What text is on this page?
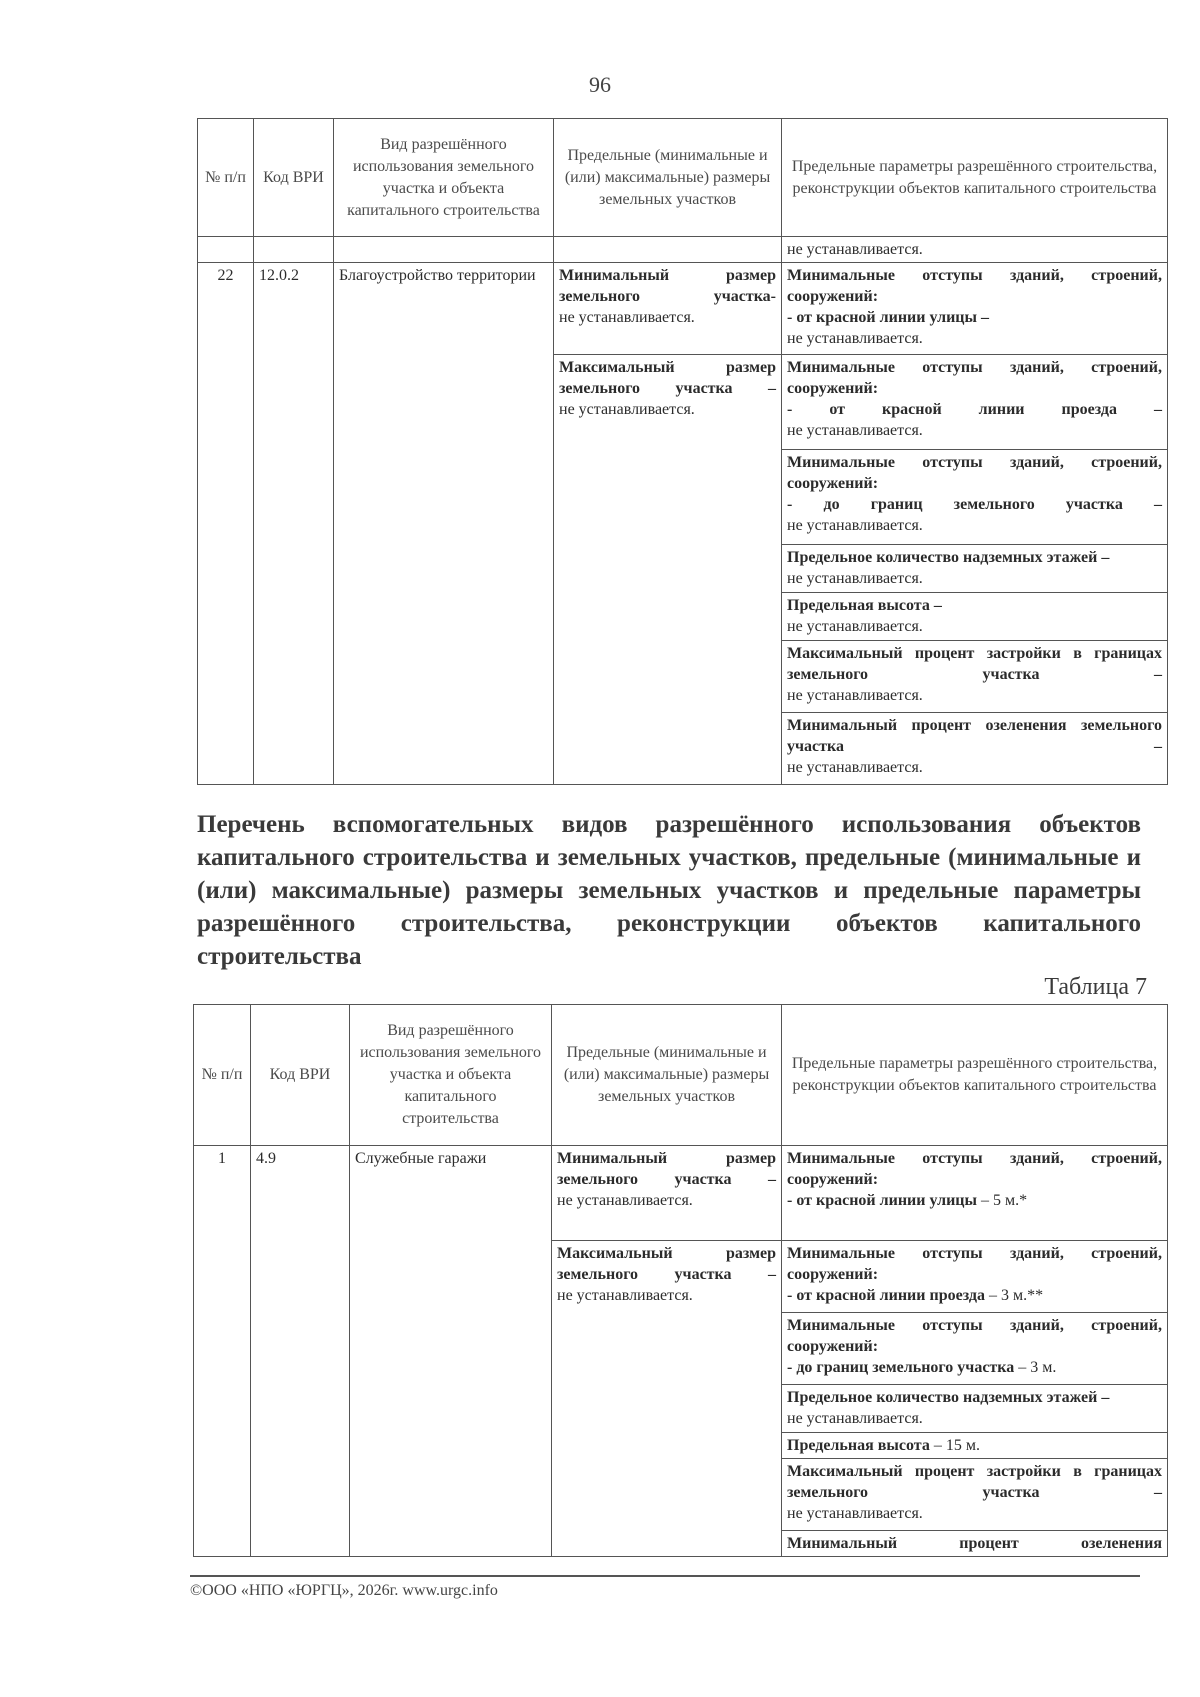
96
№ п/п	Код ВРИ	Вид разрешённого использования земельного участка и объекта капитального строительства	Предельные (минимальные и (или) максимальные) размеры земельных участков	Предельные параметры разрешённого строительства, реконструкции объектов капитального строительства
				не устанавливается.
22	12.0.2	Благоустройство территории	Минимальный размер земельного участка-
не устанавливается.	Минимальные отступы зданий, строений, сооружений:
- от красной линии улицы –
не устанавливается.

			Максимальный размер земельного участка –
не устанавливается.	Минимальные отступы зданий, строений, сооружений:
- от красной линии проезда –
не устанавливается.

				Минимальные отступы зданий, строений, сооружений:
- до границ земельного участка –
не устанавливается.

				Предельное количество надземных этажей –
не устанавливается.

				Предельная высота –
не устанавливается.

				Максимальный процент застройки в границах земельного участка –
не устанавливается.

				Минимальный процент озеленения земельного участка –
не устанавливается.
Перечень вспомогательных видов разрешённого использования объектов капитального строительства и земельных участков, предельные (минимальные и (или) максимальные) размеры земельных участков и предельные параметры разрешённого строительства, реконструкции объектов капитального строительства
Таблица 7
№ п/п	Код ВРИ	Вид разрешённого использования земельного участка и объекта капитального строительства	Предельные (минимальные и (или) максимальные) размеры земельных участков	Предельные параметры разрешённого строительства, реконструкции объектов капитального строительства
1	4.9	Служебные гаражи	Минимальный размер земельного участка –
не устанавливается.	Минимальные отступы зданий, строений, сооружений:
- от красной линии улицы – 5 м.*

			Максимальный размер земельного участка –
не устанавливается.	Минимальные отступы зданий, строений, сооружений:
- от красной линии проезда – 3 м.**

				Минимальные отступы зданий, строений, сооружений:
- до границ земельного участка – 3 м.

				Предельное количество надземных этажей –
не устанавливается.

				Предельная высота – 15 м.

				Максимальный процент застройки в границах земельного участка –
не устанавливается.

				Минимальный процент озеленения
©ООО «НПО «ЮРГЦ», 2026г. www.urgc.info
